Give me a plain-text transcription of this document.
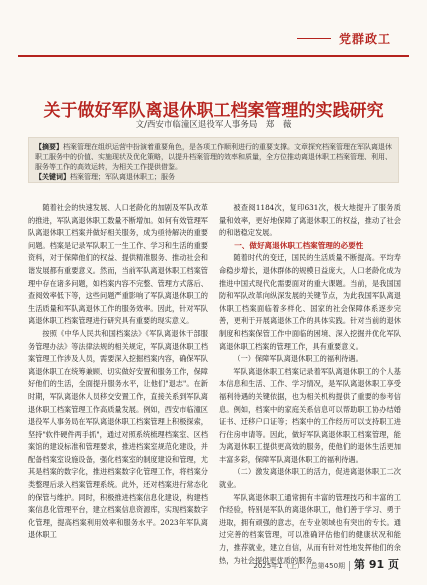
党群政工
关于做好军队离退休职工档案管理的实践研究
文/西安市临潼区退役军人事务局　郑　薇
【摘要】档案管理在组织运营中扮演着重要角色，是各项工作顺利进行的重要支撑。文章探究档案管理在军队离退休职工服务中的价值、实施现状及优化策略，以提升档案管理的效率和质量，全方位推动离退休职工档案管理、利用、服务等工作的高效运转，为相关工作提供借鉴。
【关键词】档案管理；军队离退休职工；服务

随着社会的快速发展、人口老龄化的加剧及军队改革的推进，军队离退休职工数量不断增加。如何有效管理军队离退休职工档案并做好相关服务，成为亟待解决的重要问题。档案是记录军队职工一生工作、学习和生活的重要资料，对于保障他们的权益、提供精准服务、推动社会和谐发展都有重要意义。然而，当前军队离退休职工档案管理中存在诸多问题，如档案内容不完整、管理方式落后、查阅效率低下等，这些问题严重影响了军队离退休职工的生活质量和军队离退休工作的服务效率。因此，针对军队离退休职工档案管理进行研究具有重要的现实意义。

按照《中华人民共和国档案法》《军队离退休干部服务管理办法》等法律法规的相关规定，军队离退休职工档案管理工作涉及人员，需要深入挖掘档案内容，确保军队离退休职工在统筹兼顾、切实做好安置和服务工作，保障好他们的生活，全面提升服务水平，让他们"退志"。在新时期，军队离退休人员移交安置工作，直接关系到军队离退休职工档案管理工作高质量发展。例如，西安市临潼区退役军人事务局在军队离退休职工档案管理上积极探索，坚持"软件硬件两手抓"，通过对照系统梳理档案室、区档案馆的建设标准和管理要求，推进档案室规范化建设，并配备档案室设施设备，强化档案室的制度建设和管理，尤其是档案的数字化，推进档案数字化管理工作，将档案分类整理后录入档案管理系统。此外，还对档案进行常态化的保管与维护。同时，积极推进档案信息化建设，构建档案信息化管理平台，建立档案信息资源库，实现档案数字化管理，提高档案利用效率和服务水平。2023年军队离退休职工

被查阅1184次，复印631次，极大地提升了服务质量和效率，更好地保障了离退休职工的权益，推动了社会的和谐稳定发展。

一、做好离退休职工档案管理的必要性

随着时代的变迁，国民的生活质量不断提高。平均寿命稳步增长，退休群体的规模日益庞大，人口老龄化成为推进中国式现代化需要面对的重大课题。当前，是我国国防和军队改革向纵深发展的关键节点，为此我国军队离退休职工档案面临着多样化、国家的社会保障体系逐步完善，更利于开展离退休工作的具体实践。针对当前的退休制度和档案保管工作中面临的困境、深入挖掘并优化军队离退休职工档案的管理工作，具有重要意义。

（一）保障军队离退休职工的福利待遇。

军队离退休职工档案记录着军队离退休职工的个人基本信息和生活、工作、学习情况，是军队离退休职工享受福利待遇的关键依据，也为相关机构提供了重要的参考信息。例如，档案中的家庭关系信息可以帮助职工协办结婚证书、迁移户口证等；档案中的工作经历可以支持职工进行住房申请等。因此，做好军队离退休职工档案管理，能为离退休职工提供更高效的服务，使他们的退休生活更加丰富多彩，保障军队离退休职工的福利待遇。

（二）激发离退休职工的活力，促进离退休职工二次就业。

军队离退休职工通常拥有丰富的管理技巧和丰富的工作经验，特别是军队的离退休职工，他们善于学习、勇于进取，拥有顽强的意志，在专业领域也有突出的专长。通过完善的档案管理，可以准确评估他们的健康状况和能力，推荐就业，建立自信，从而有针对性地发挥他们的余热，为社会提供更优质的服务。

2025年1（上）｜总第450期 第 91 页
